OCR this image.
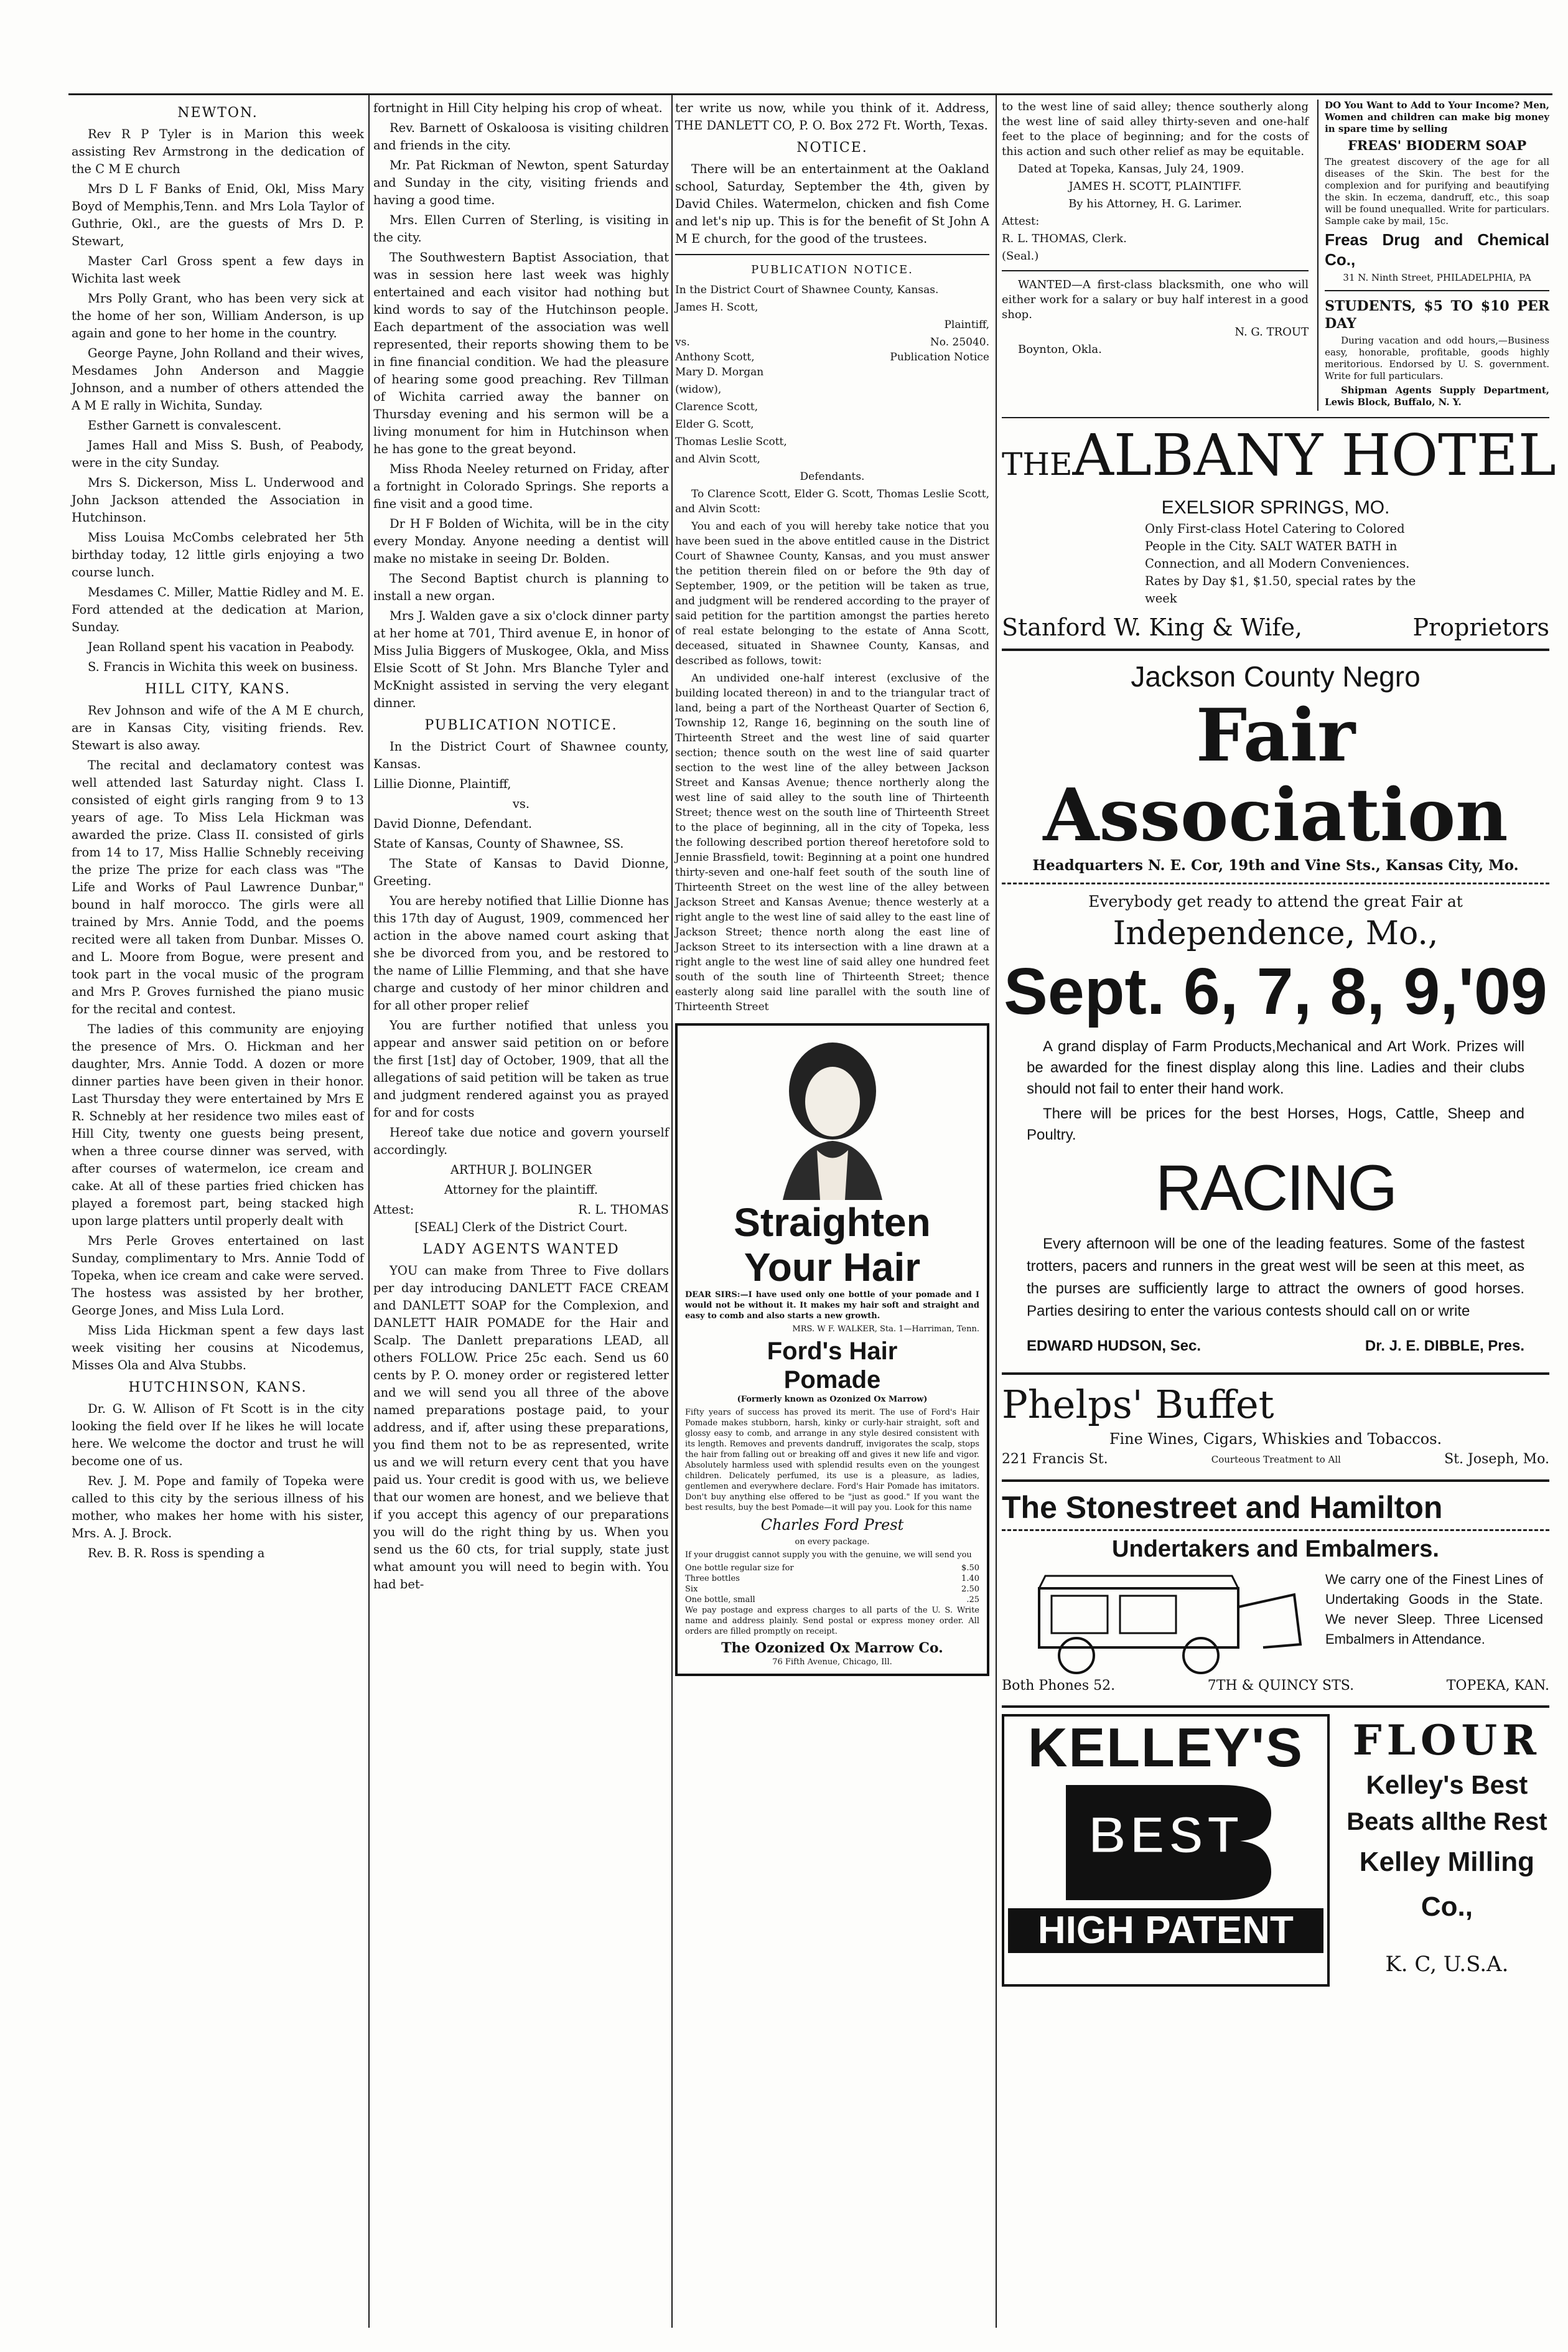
NEWTON.

Rev R P Tyler is in Marion this week assisting Rev Armstrong in the dedication of the C M E church

Mrs D L F Banks of Enid, Okl, Miss Mary Boyd of Memphis,Tenn. and Mrs Lola Taylor of Guthrie, Okl., are the guests of Mrs D. P. Stewart,

Master Carl Gross spent a few days in Wichita last week

Mrs Polly Grant, who has been very sick at the home of her son, William Anderson, is up again and gone to her home in the country.

George Payne, John Rolland and their wives, Mesdames John Anderson and Maggie Johnson, and a number of others attended the A M E rally in Wichita, Sunday.

Esther Garnett is convalescent.

James Hall and Miss S. Bush, of Peabody, were in the city Sunday.

Mrs S. Dickerson, Miss L. Underwood and John Jackson attended the Association in Hutchinson.

Miss Louisa McCombs celebrated her 5th birthday today, 12 little girls enjoying a two course lunch.

Mesdames C. Miller, Mattie Ridley and M. E. Ford attended at the dedication at Marion, Sunday.

Jean Rolland spent his vacation in Peabody.

S. Francis in Wichita this week on business.

HILL CITY, KANS.

Rev Johnson and wife of the A M E church, are in Kansas City, visiting friends. Rev. Stewart is also away.

The recital and declamatory contest was well attended last Saturday night. Class I. consisted of eight girls ranging from 9 to 13 years of age. To Miss Lela Hickman was awarded the prize. Class II. consisted of girls from 14 to 17, Miss Hallie Schnebly receiving the prize The prize for each class was "The Life and Works of Paul Lawrence Dunbar," bound in half morocco. The girls were all trained by Mrs. Annie Todd, and the poems recited were all taken from Dunbar. Misses O. and L. Moore from Bogue, were present and took part in the vocal music of the program and Mrs P. Groves furnished the piano music for the recital and contest.

The ladies of this community are enjoying the presence of Mrs. O. Hickman and her daughter, Mrs. Annie Todd. A dozen or more dinner parties have been given in their honor. Last Thursday they were entertained by Mrs E R. Schnebly at her residence two miles east of Hill City, twenty one guests being present, when a three course dinner was served, with after courses of watermelon, ice cream and cake. At all of these parties fried chicken has played a foremost part, being stacked high upon large platters until properly dealt with

Mrs Perle Groves entertained on last Sunday, complimentary to Mrs. Annie Todd of Topeka, when ice cream and cake were served. The hostess was assisted by her brother, George Jones, and Miss Lula Lord.

Miss Lida Hickman spent a few days last week visiting her cousins at Nicodemus, Misses Ola and Alva Stubbs.

HUTCHINSON, KANS.

Dr. G. W. Allison of Ft Scott is in the city looking the field over If he likes he will locate here. We welcome the doctor and trust he will become one of us.

Rev. J. M. Pope and family of Topeka were called to this city by the serious illness of his mother, who makes her home with his sister, Mrs. A. J. Brock.

Rev. B. R. Ross is spending a

fortnight in Hill City helping his crop of wheat.

Rev. Barnett of Oskaloosa is visiting children and friends in the city.

Mr. Pat Rickman of Newton, spent Saturday and Sunday in the city, visiting friends and having a good time.

Mrs. Ellen Curren of Sterling, is visiting in the city.

The Southwestern Baptist Association, that was in session here last week was highly entertained and each visitor had nothing but kind words to say of the Hutchinson people. Each department of the association was well represented, their reports showing them to be in fine financial condition. We had the pleasure of hearing some good preaching. Rev Tillman of Wichita carried away the banner on Thursday evening and his sermon will be a living monument for him in Hutchinson when he has gone to the great beyond.

Miss Rhoda Neeley returned on Friday, after a fortnight in Colorado Springs. She reports a fine visit and a good time.

Dr H F Bolden of Wichita, will be in the city every Monday. Anyone needing a dentist will make no mistake in seeing Dr. Bolden.

The Second Baptist church is planning to install a new organ.

Mrs J. Walden gave a six o'clock dinner party at her home at 701, Third avenue E, in honor of Miss Julia Biggers of Muskogee, Okla, and Miss Elsie Scott of St John. Mrs Blanche Tyler and McKnight assisted in serving the very elegant dinner.

PUBLICATION NOTICE.

In the District Court of Shawnee county, Kansas.

Lillie Dionne, Plaintiff,

vs.

David Dionne, Defendant.

State of Kansas, County of Shawnee, SS.

The State of Kansas to David Dionne, Greeting.

You are hereby notified that Lillie Dionne has this 17th day of August, 1909, commenced her action in the above named court asking that she be divorced from you, and be restored to the name of Lillie Flemming, and that she have charge and custody of her minor children and for all other proper relief

You are further notified that unless you appear and answer said petition on or before the first [1st] day of October, 1909, that all the allegations of said petition will be taken as true and judgment rendered against you as prayed for and for costs

Hereof take due notice and govern yourself accordingly.

ARTHUR J. BOLINGER

Attorney for the plaintiff.

Attest:	R. L. THOMAS

[SEAL] Clerk of the District Court.

LADY AGENTS WANTED

YOU can make from Three to Five dollars per day introducing DANLETT FACE CREAM and DANLETT SOAP for the Complexion, and DANLETT HAIR POMADE for the Hair and Scalp. The Danlett preparations LEAD, all others FOLLOW. Price 25c each. Send us 60 cents by P. O. money order or registered letter and we will send you all three of the above named preparations postage paid, to your address, and if, after using these preparations, you find them not to be as represented, write us and we will return every cent that you have paid us. Your credit is good with us, we believe that our women are honest, and we believe that if you accept this agency of our preparations you will do the right thing by us. When you send us the 60 cts, for trial supply, state just what amount you will need to begin with. You had bet-

ter write us now, while you think of it. Address, THE DANLETT CO, P. O. Box 272 Ft. Worth, Texas.

NOTICE.

There will be an entertainment at the Oakland school, Saturday, September the 4th, given by David Chiles. Watermelon, chicken and fish Come and let's nip up. This is for the benefit of St John A M E church, for the good of the trustees.

PUBLICATION NOTICE.

In the District Court of Shawnee County, Kansas.

James H. Scott,

Plaintiff,

vs.	No. 25040.
Anthony Scott,	Publication Notice

Mary D. Morgan

(widow),

Clarence Scott,

Elder G. Scott,

Thomas Leslie Scott,

and Alvin Scott,

Defendants.

To Clarence Scott, Elder G. Scott, Thomas Leslie Scott, and Alvin Scott:

You and each of you will hereby take notice that you have been sued in the above entitled cause in the District Court of Shawnee County, Kansas, and you must answer the petition therein filed on or before the 9th day of September, 1909, or the petition will be taken as true, and judgment will be rendered according to the prayer of said petition for the partition amongst the parties hereto of real estate belonging to the estate of Anna Scott, deceased, situated in Shawnee County, Kansas, and described as follows, towit:

An undivided one-half interest (exclusive of the building located thereon) in and to the triangular tract of land, being a part of the Northeast Quarter of Section 6, Township 12, Range 16, beginning on the south line of Thirteenth Street and the west line of said quarter section; thence south on the west line of said quarter section to the west line of the alley between Jackson Street and Kansas Avenue; thence northerly along the west line of said alley to the south line of Thirteenth Street; thence west on the south line of Thirteenth Street to the place of beginning, all in the city of Topeka, less the following described portion thereof heretofore sold to Jennie Brassfield, towit: Beginning at a point one hundred thirty-seven and one-half feet south of the south line of Thirteenth Street on the west line of the alley between Jackson Street and Kansas Avenue; thence westerly at a right angle to the west line of said alley to the east line of Jackson Street; thence north along the east line of Jackson Street to its intersection with a line drawn at a right angle to the west line of said alley one hundred feet south of the south line of Thirteenth Street; thence easterly along said line parallel with the south line of Thirteenth Street

Straighten
Your Hair

DEAR SIRS:—I have used only one bottle of your pomade and I would not be without it. It makes my hair soft and straight and easy to comb and also starts a new growth.

MRS. W F. WALKER, Sta. 1—Harriman, Tenn.

Ford's Hair
Pomade

(Formerly known as Ozonized Ox Marrow)

Fifty years of success has proved its merit. The use of Ford's Hair Pomade makes stubborn, harsh, kinky or curly-hair straight, soft and glossy easy to comb, and arrange in any style desired consistent with its length. Removes and prevents dandruff, invigorates the scalp, stops the hair from falling out or breaking off and gives it new life and vigor. Absolutely harmless used with splendid results even on the youngest children. Delicately perfumed, its use is a pleasure, as ladies, gentlemen and everywhere declare. Ford's Hair Pomade has imitators. Don't buy anything else offered to be "just as good." If you want the best results, buy the best Pomade—it will pay you. Look for this name

Charles Ford Prest

on every package.

If your druggist cannot supply you with the genuine, we will send you

One bottle regular size for	$.50
Three bottles	1.40
Six	2.50
One bottle, small	.25

We pay postage and express charges to all parts of the U. S. Write name and address plainly. Send postal or express money order. All orders are filled promptly on receipt.

The Ozonized Ox Marrow Co.
76 Fifth Avenue, Chicago, Ill.

to the west line of said alley; thence southerly along the west line of said alley thirty-seven and one-half feet to the place of beginning; and for the costs of this action and such other relief as may be equitable.

Dated at Topeka, Kansas, July 24, 1909.

JAMES H. SCOTT, PLAINTIFF.

By his Attorney, H. G. Larimer.

Attest:

R. L. THOMAS, Clerk.

(Seal.)

WANTED—A first-class blacksmith, one who will either work for a salary or buy half interest in a good shop.

N. G. TROUT

Boynton, Okla.

DO You Want to Add to Your Income? Men, Women and children can make big money in spare time by selling

FREAS' BIODERM SOAP

The greatest discovery of the age for all diseases of the Skin. The best for the complexion and for purifying and beautifying the skin. In eczema, dandruff, etc., this soap will be found unequalled. Write for particulars. Sample cake by mail, 15c.

Freas Drug and Chemical Co.,

31 N. Ninth Street, PHILADELPHIA, PA

STUDENTS, $5 TO $10 PER DAY

During vacation and odd hours,—Business easy, honorable, profitable, goods highly meritorious. Endorsed by U. S. government. Write for full particulars.

Shipman Agents Supply Department, Lewis Block, Buffalo, N. Y.

THEALBANY HOTEL
EXELSIOR SPRINGS, MO.

Only First-class Hotel Catering to Colored People in the City. SALT WATER BATH in Connection, and all Modern Conveniences. Rates by Day $1, $1.50, special rates by the week

Stanford W. King & Wife,	Proprietors
Jackson County Negro
Fair Association
Headquarters N. E. Cor, 19th and Vine Sts., Kansas City, Mo.
Everybody get ready to attend the great Fair at
Independence, Mo.,
Sept. 6, 7, 8, 9,'09

A grand display of Farm Products,Mechanical and Art Work. Prizes will be awarded for the finest display along this line. Ladies and their clubs should not fail to enter their hand work.

There will be prices for the best Horses, Hogs, Cattle, Sheep and Poultry.

RACING

Every afternoon will be one of the leading features. Some of the fastest trotters, pacers and runners in the great west will be seen at this meet, as the purses are sufficiently large to attract the owners of good horses. Parties desiring to enter the various contests should call on or write

EDWARD HUDSON, Sec.	Dr. J. E. DIBBLE, Pres.
Phelps' Buffet
Fine Wines, Cigars, Whiskies and Tobaccos.
221 Francis St.	Courteous Treatment to All	St. Joseph, Mo.
The Stonestreet and Hamilton
Undertakers and Embalmers.

We carry one of the Finest Lines of Undertaking Goods in the State. We never Sleep. Three Licensed Embalmers in Attendance.

Both Phones 52.	7TH & QUINCY STS.	TOPEKA, KAN.
KELLEY'S
BEST
HIGH PATENT
FLOUR
Kelley's Best
Beats allthe Rest
Kelley Milling Co.,
K. C, U.S.A.
